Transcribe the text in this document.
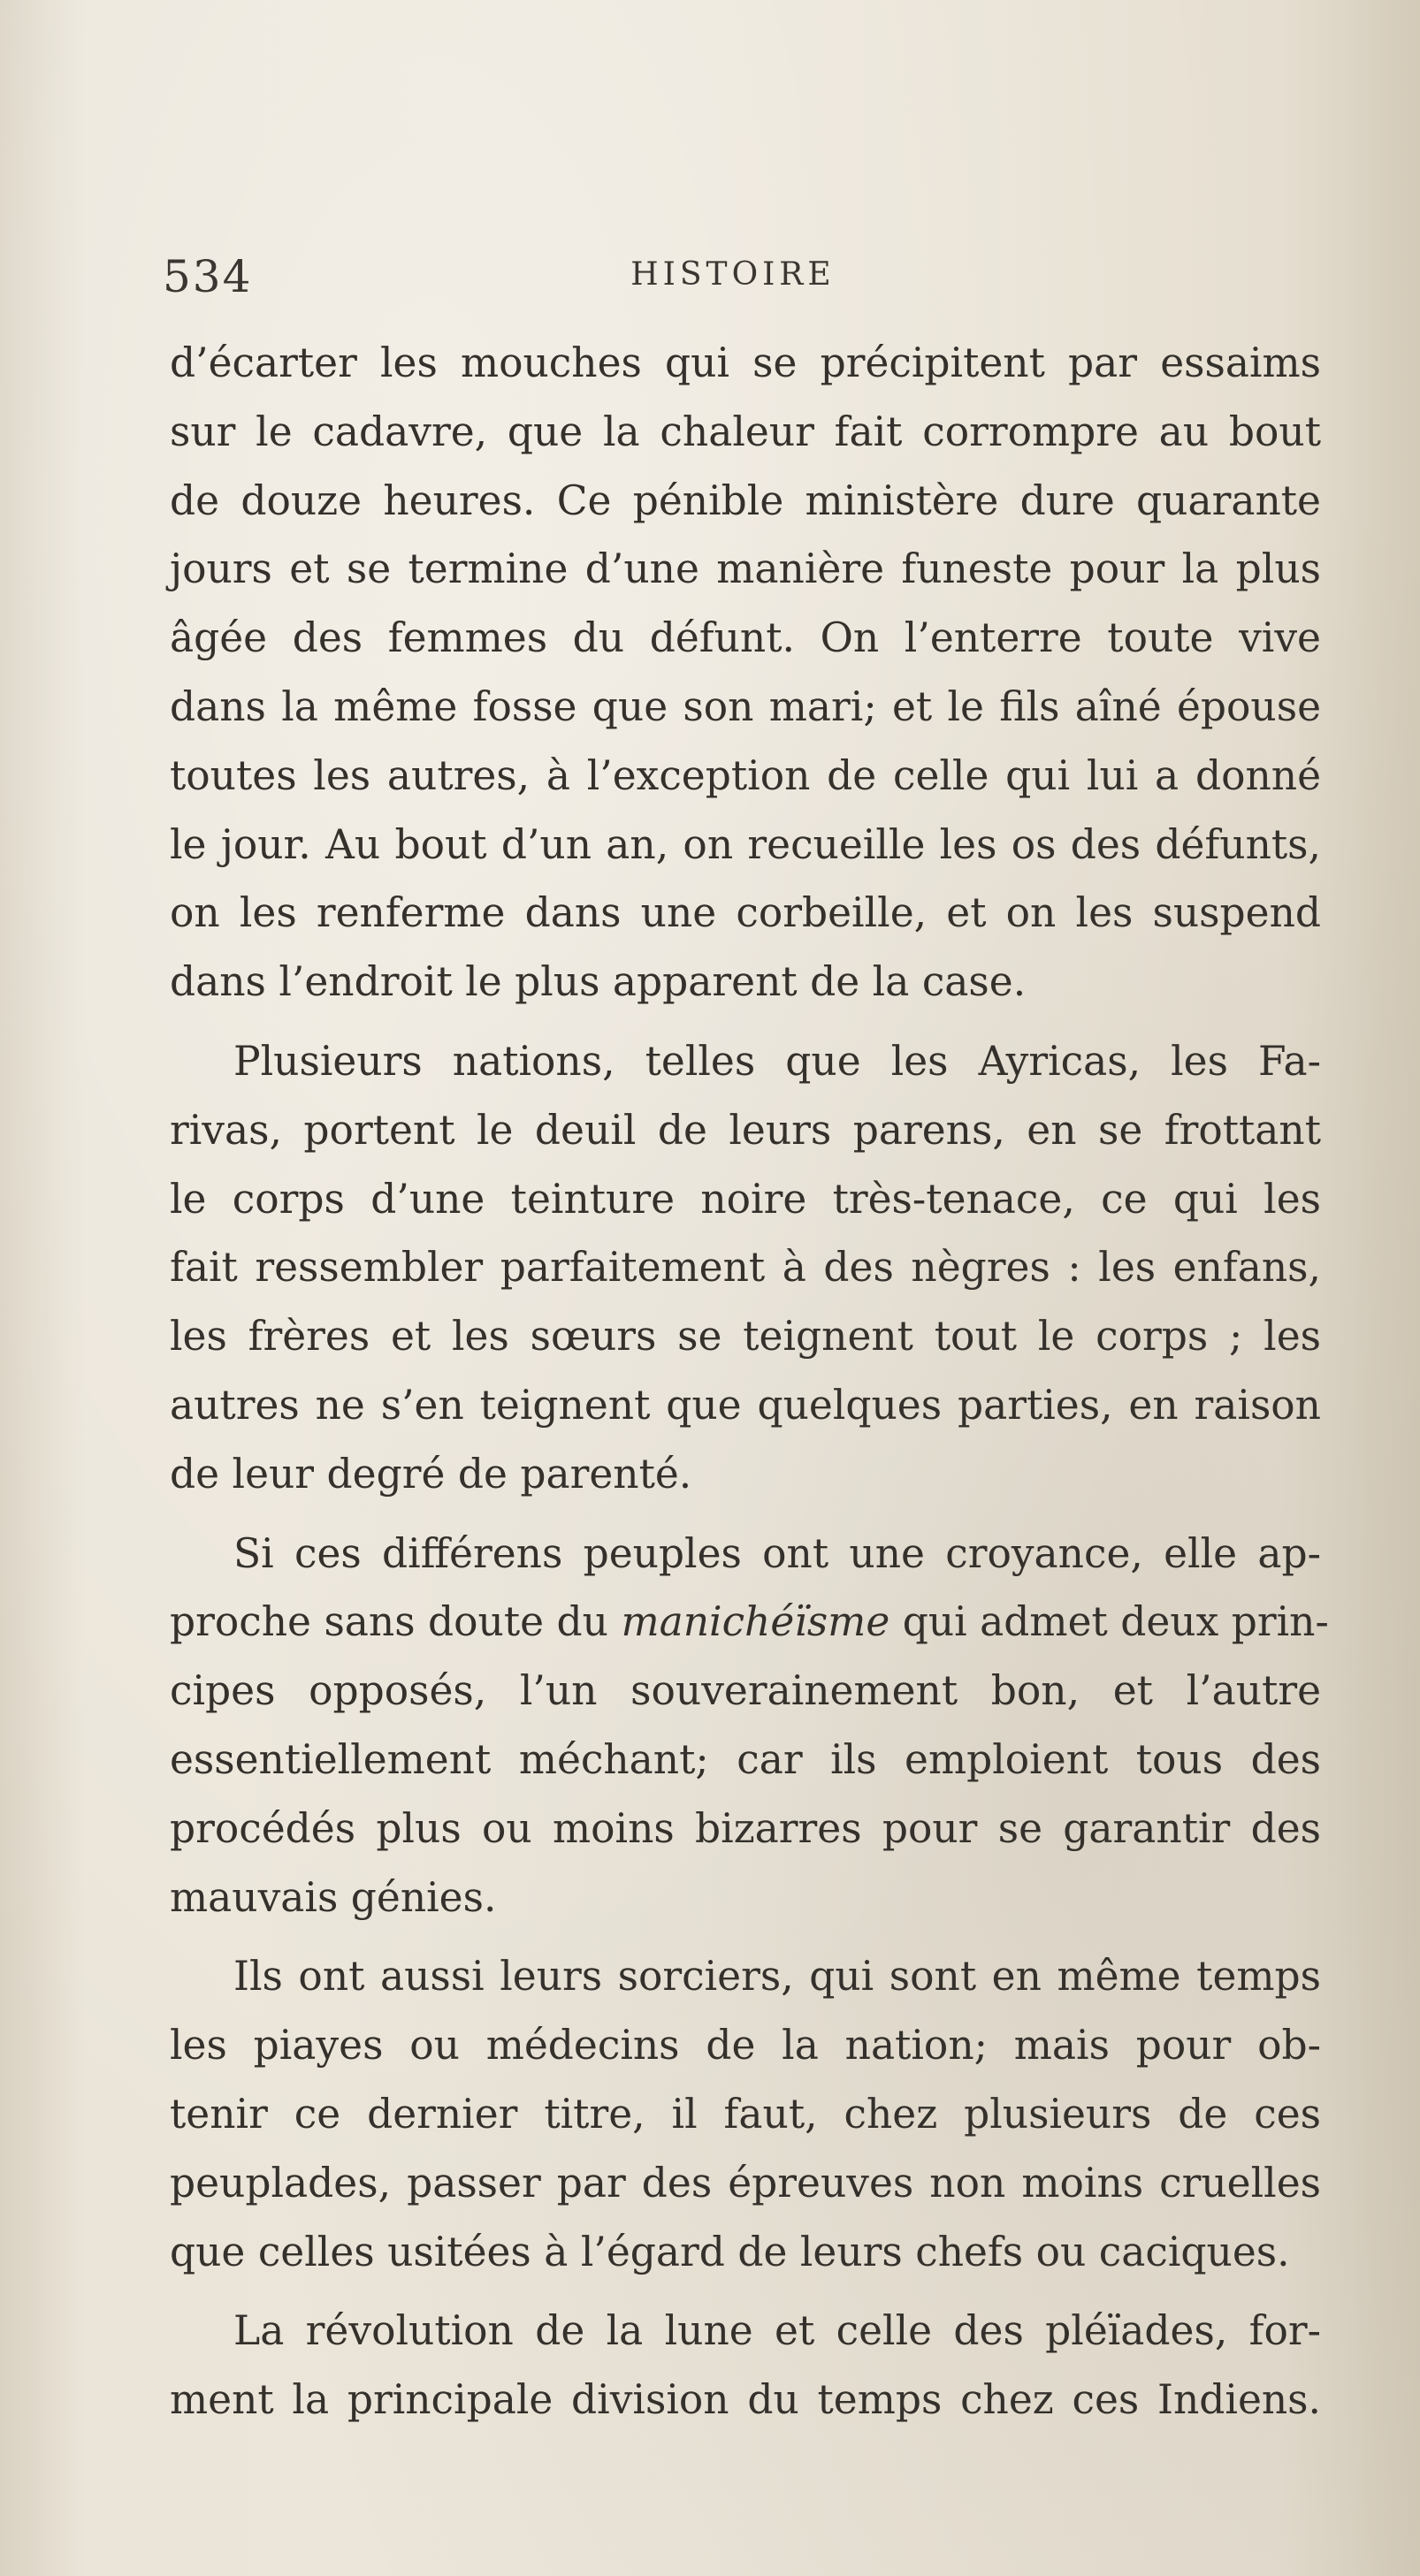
534	HISTOIRE
d’écarter les mouches qui se précipitent par essaims
sur le cadavre, que la chaleur fait corrompre au bout
de douze heures. Ce pénible ministère dure quarante
jours et se termine d’une manière funeste pour la plus
âgée des femmes du défunt. On l’enterre toute vive
dans la même fosse que son mari; et le fils aîné épouse
toutes les autres, à l’exception de celle qui lui a donné
le jour. Au bout d’un an, on recueille les os des défunts,
on les renferme dans une corbeille, et on les suspend
dans l’endroit le plus apparent de la case.
Plusieurs nations, telles que les Ayricas, les Fa-
rivas, portent le deuil de leurs parens, en se frottant
le corps d’une teinture noire très-tenace, ce qui les
fait ressembler parfaitement à des nègres : les enfans,
les frères et les sœurs se teignent tout le corps ; les
autres ne s’en teignent que quelques parties, en raison
de leur degré de parenté.
Si ces différens peuples ont une croyance, elle ap-
proche sans doute du manichéïsme qui admet deux prin-
cipes opposés, l’un souverainement bon, et l’autre
essentiellement méchant; car ils emploient tous des
procédés plus ou moins bizarres pour se garantir des
mauvais génies.
Ils ont aussi leurs sorciers, qui sont en même temps
les piayes ou médecins de la nation; mais pour ob-
tenir ce dernier titre, il faut, chez plusieurs de ces
peuplades, passer par des épreuves non moins cruelles
que celles usitées à l’égard de leurs chefs ou caciques.
La révolution de la lune et celle des pléïades, for-
ment la principale division du temps chez ces Indiens.
